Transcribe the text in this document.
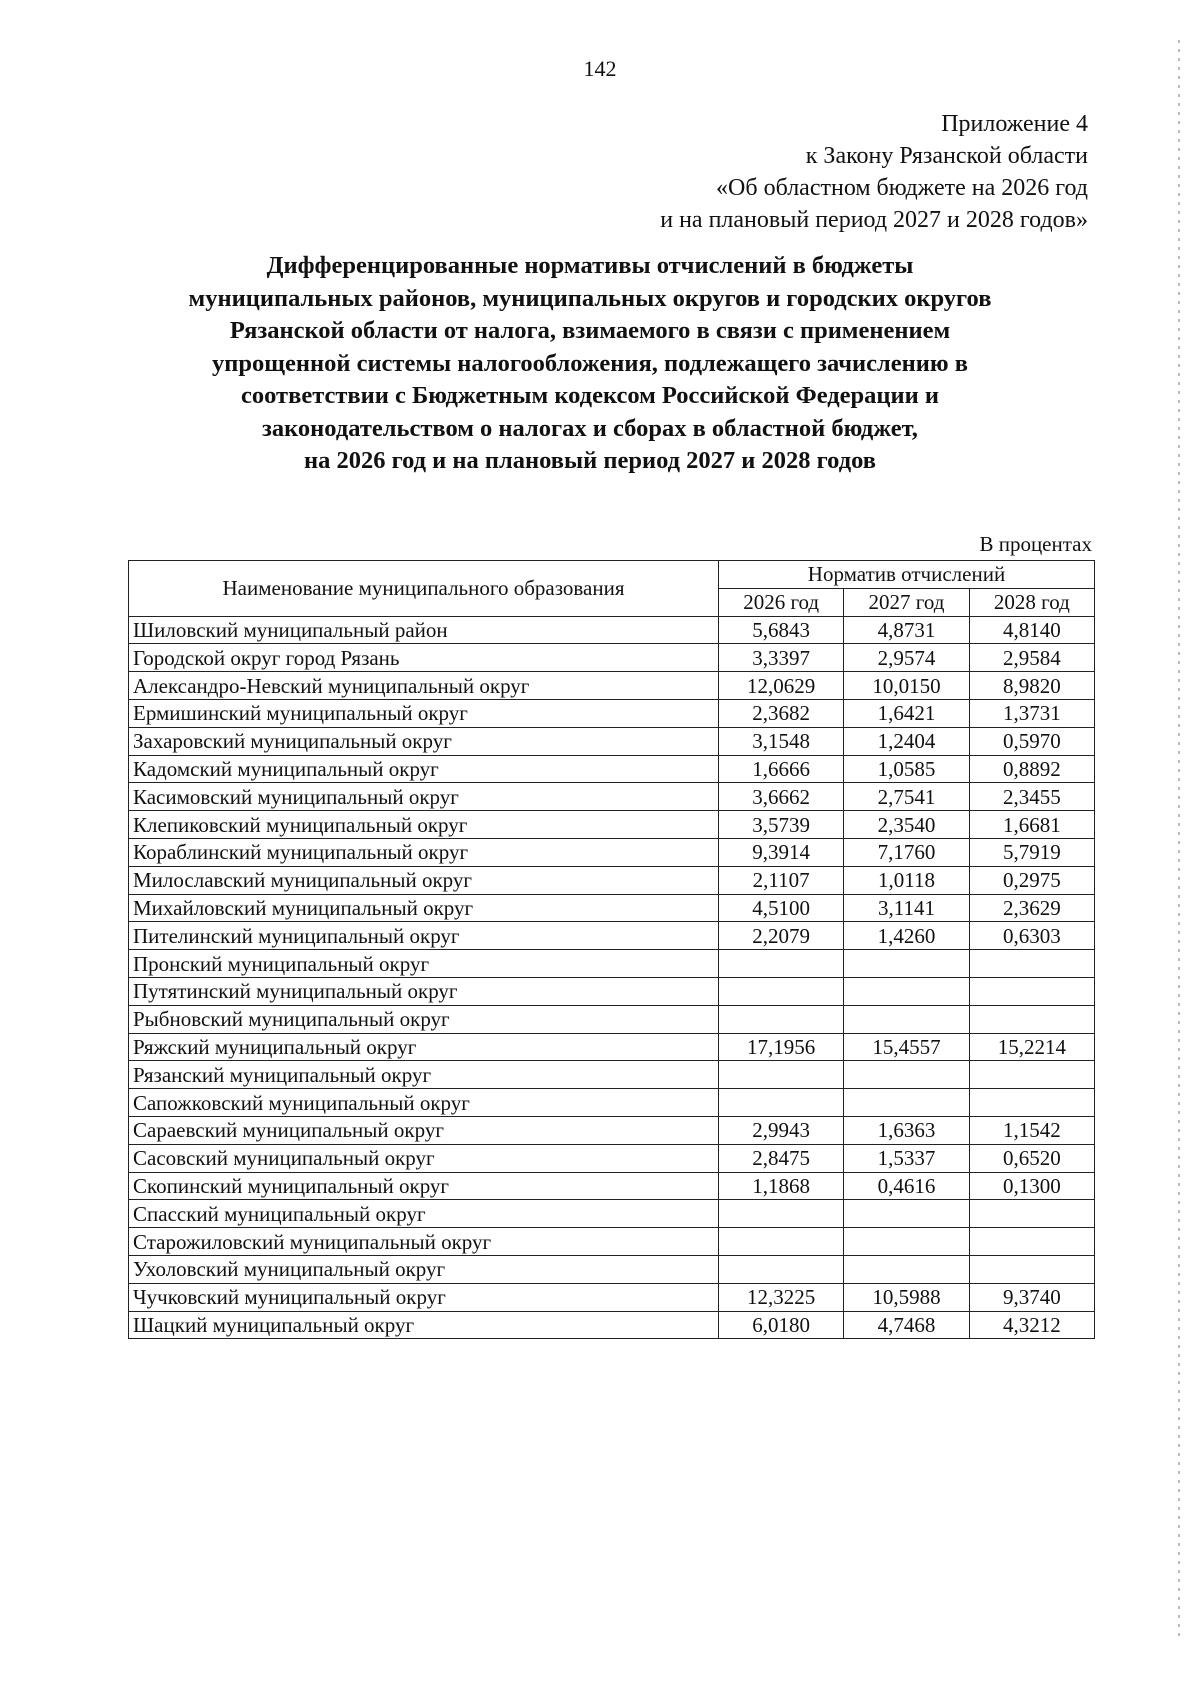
142
Приложение 4
к Закону Рязанской области
«Об областном бюджете на 2026 год
и на плановый период 2027 и 2028 годов»
Дифференцированные нормативы отчислений в бюджеты
муниципальных районов, муниципальных округов и городских округов
Рязанской области от налога, взимаемого в связи с применением
упрощенной системы налогообложения, подлежащего зачислению в
соответствии с Бюджетным кодексом Российской Федерации и
законодательством о налогах и сборах в областной бюджет,
на 2026 год и на плановый период 2027 и 2028 годов
В процентах
Наименование муниципального образования	Норматив отчислений		
	2026 год	2027 год	2028 год
Шиловский муниципальный район	5,6843	4,8731	4,8140
Городской округ город Рязань	3,3397	2,9574	2,9584
Александро-Невский муниципальный округ	12,0629	10,0150	8,9820
Ермишинский муниципальный округ	2,3682	1,6421	1,3731
Захаровский муниципальный округ	3,1548	1,2404	0,5970
Кадомский муниципальный округ	1,6666	1,0585	0,8892
Касимовский муниципальный округ	3,6662	2,7541	2,3455
Клепиковский муниципальный округ	3,5739	2,3540	1,6681
Кораблинский муниципальный округ	9,3914	7,1760	5,7919
Милославский муниципальный округ	2,1107	1,0118	0,2975
Михайловский муниципальный округ	4,5100	3,1141	2,3629
Пителинский муниципальный округ	2,2079	1,4260	0,6303
Пронский муниципальный округ			
Путятинский муниципальный округ			
Рыбновский муниципальный округ			
Ряжский муниципальный округ	17,1956	15,4557	15,2214
Рязанский муниципальный округ			
Сапожковский муниципальный округ			
Сараевский муниципальный округ	2,9943	1,6363	1,1542
Сасовский муниципальный округ	2,8475	1,5337	0,6520
Скопинский муниципальный округ	1,1868	0,4616	0,1300
Спасский муниципальный округ			
Старожиловский муниципальный округ			
Ухоловский муниципальный округ			
Чучковский муниципальный округ	12,3225	10,5988	9,3740
Шацкий муниципальный округ	6,0180	4,7468	4,3212
